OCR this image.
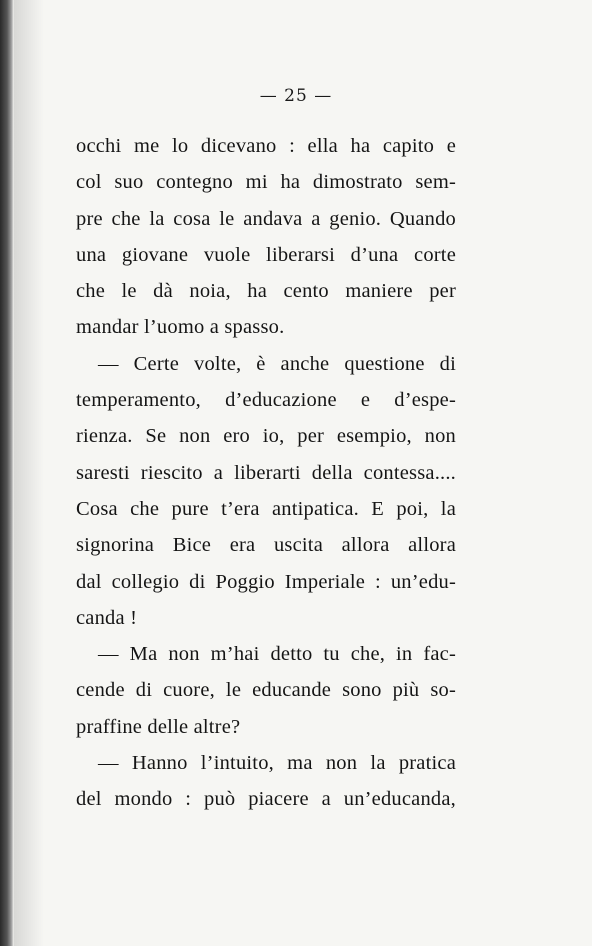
— 25 —
occhi me lo dicevano : ella ha capito e
col suo contegno mi ha dimostrato sem-
pre che la cosa le andava a genio. Quando
una giovane vuole liberarsi d’una corte
che le dà noia, ha cento maniere per
mandar l’uomo a spasso.
— Certe volte, è anche questione di
temperamento, d’educazione e d’espe-
rienza. Se non ero io, per esempio, non
saresti riescito a liberarti della contessa....
Cosa che pure t’era antipatica. E poi, la
signorina Bice era uscita allora allora
dal collegio di Poggio Imperiale : un’edu-
canda !
— Ma non m’hai detto tu che, in fac-
cende di cuore, le educande sono più so-
praffine delle altre?
— Hanno l’intuito, ma non la pratica
del mondo : può piacere a un’educanda,
